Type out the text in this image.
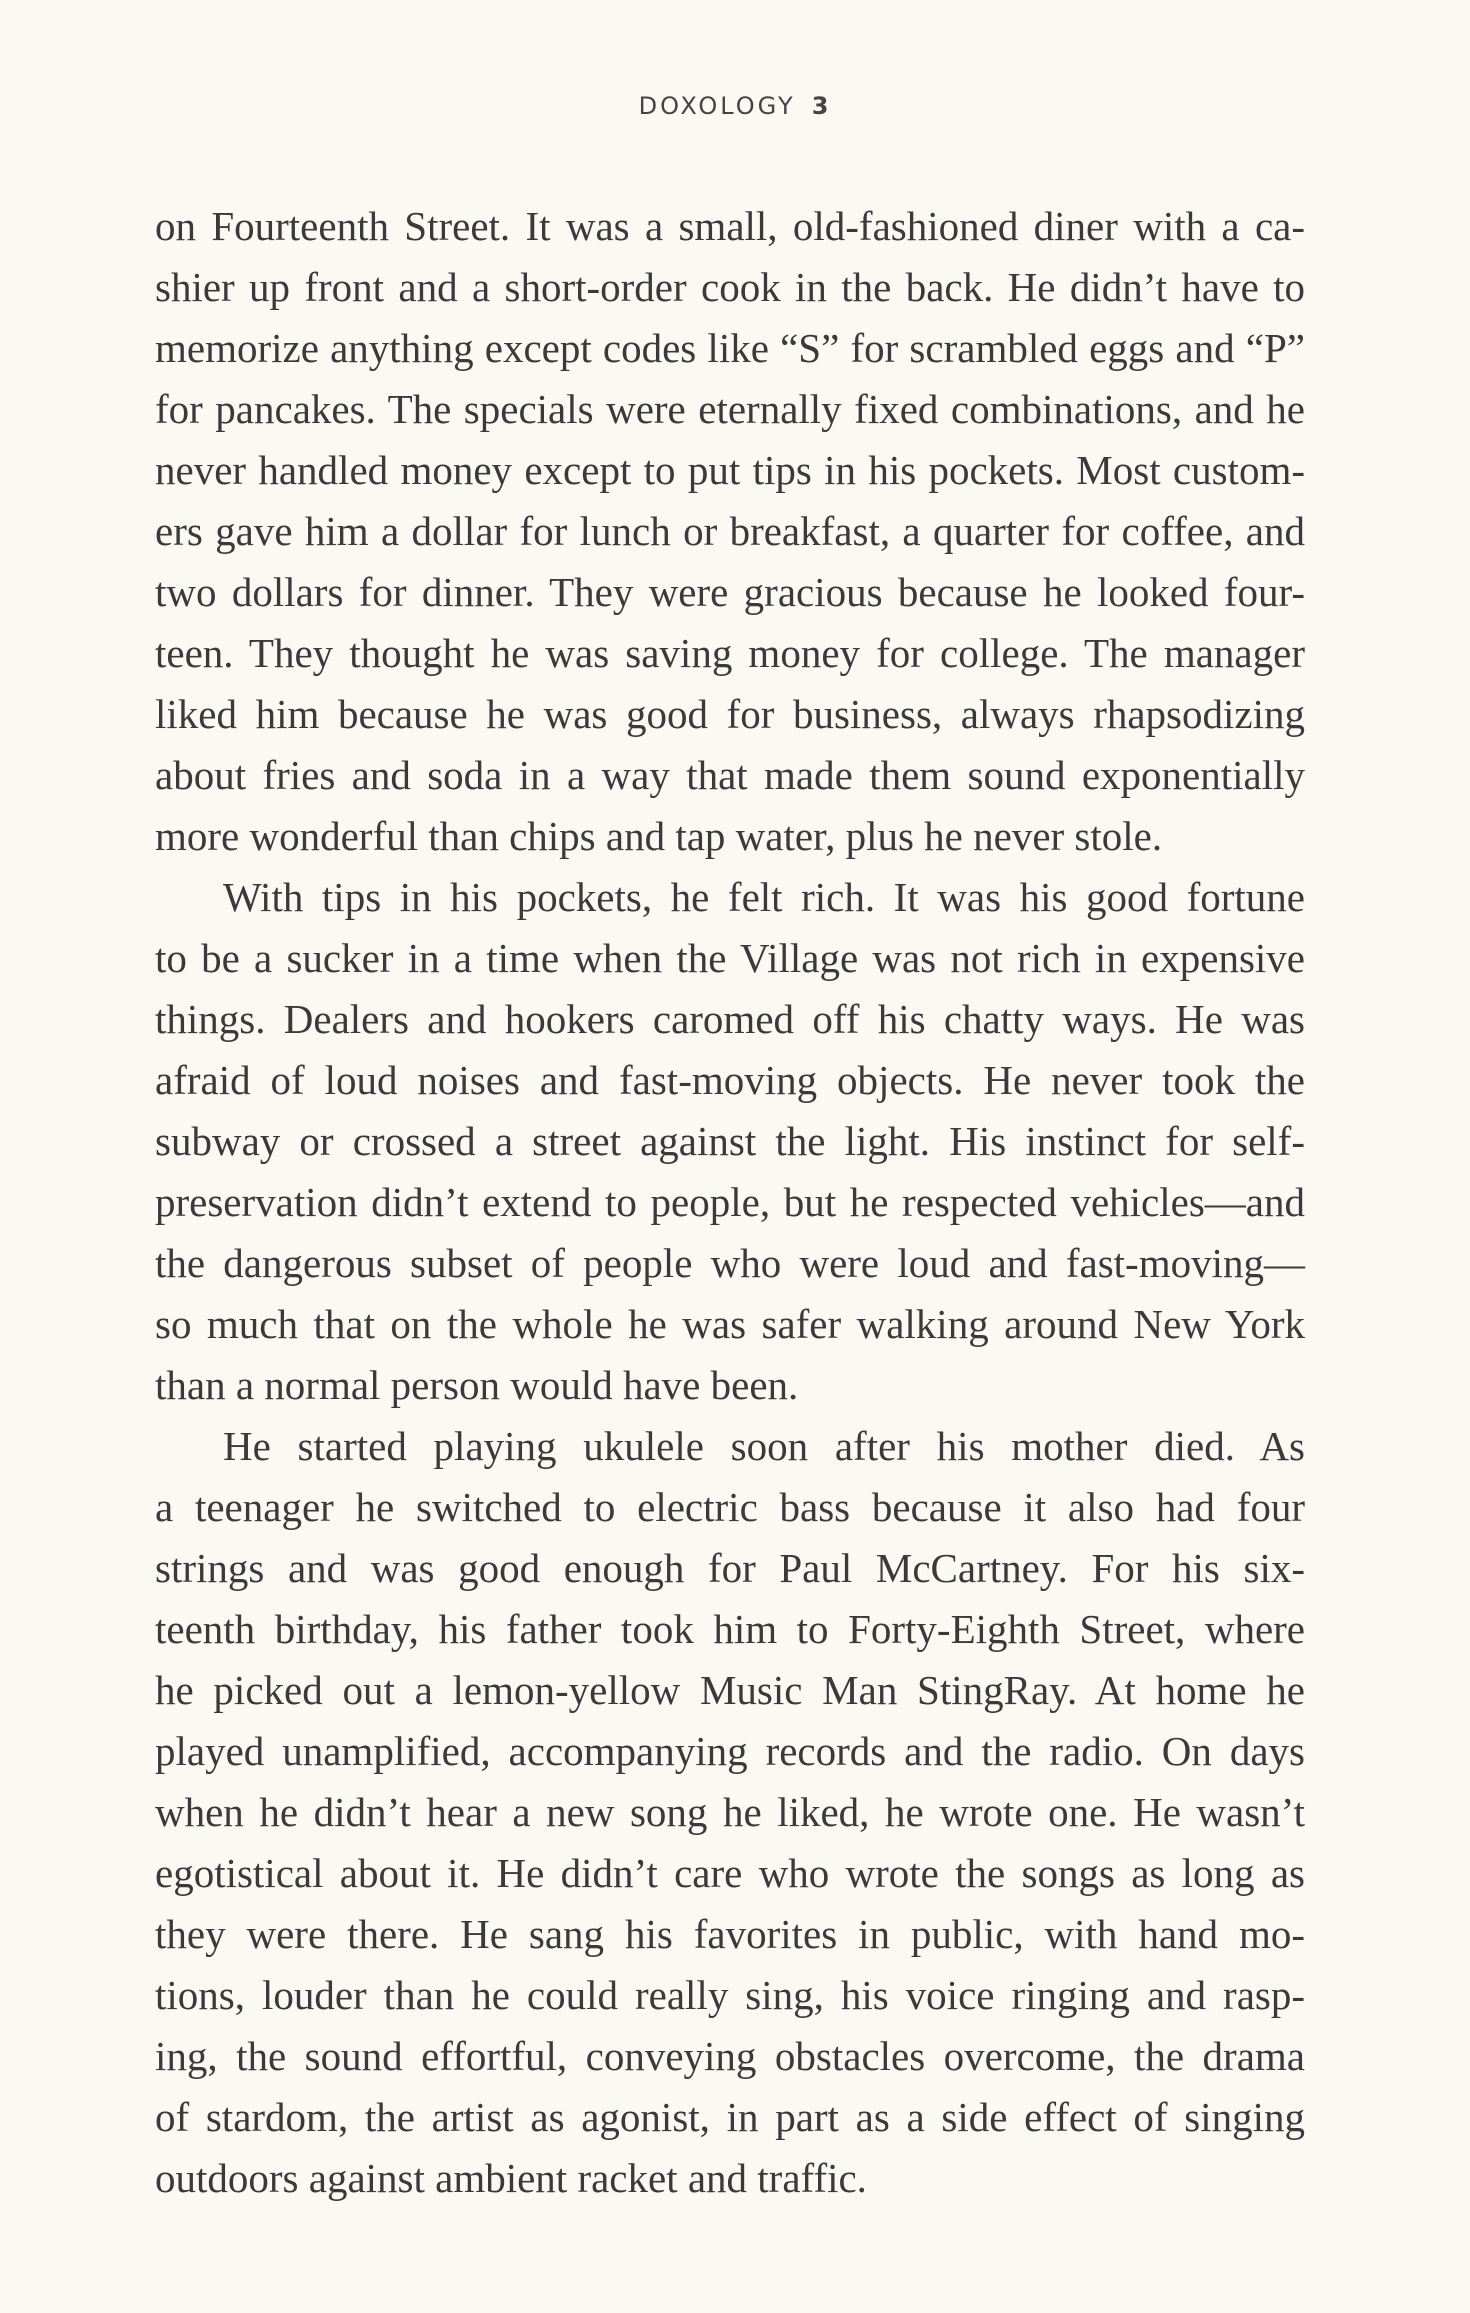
DOXOLOGY 3
on Fourteenth Street. It was a small, old-fashioned diner with a ca-
shier up front and a short-order cook in the back. He didn’t have to
memorize anything except codes like “S” for scrambled eggs and “P”
for pancakes. The specials were eternally fixed combinations, and he
never handled money except to put tips in his pockets. Most custom-
ers gave him a dollar for lunch or breakfast, a quarter for coffee, and
two dollars for dinner. They were gracious because he looked four-
teen. They thought he was saving money for college. The manager
liked him because he was good for business, always rhapsodizing
about fries and soda in a way that made them sound exponentially
more wonderful than chips and tap water, plus he never stole.
With tips in his pockets, he felt rich. It was his good fortune
to be a sucker in a time when the Village was not rich in expensive
things. Dealers and hookers caromed off his chatty ways. He was
afraid of loud noises and fast-moving objects. He never took the
subway or crossed a street against the light. His instinct for self-
preservation didn’t extend to people, but he respected vehicles—and
the dangerous subset of people who were loud and fast-moving—
so much that on the whole he was safer walking around New York
than a normal person would have been.
He started playing ukulele soon after his mother died. As
a teenager he switched to electric bass because it also had four
strings and was good enough for Paul McCartney. For his six-
teenth birthday, his father took him to Forty-Eighth Street, where
he picked out a lemon-yellow Music Man StingRay. At home he
played unamplified, accompanying records and the radio. On days
when he didn’t hear a new song he liked, he wrote one. He wasn’t
egotistical about it. He didn’t care who wrote the songs as long as
they were there. He sang his favorites in public, with hand mo-
tions, louder than he could really sing, his voice ringing and rasp-
ing, the sound effortful, conveying obstacles overcome, the drama
of stardom, the artist as agonist, in part as a side effect of singing
outdoors against ambient racket and traffic.
